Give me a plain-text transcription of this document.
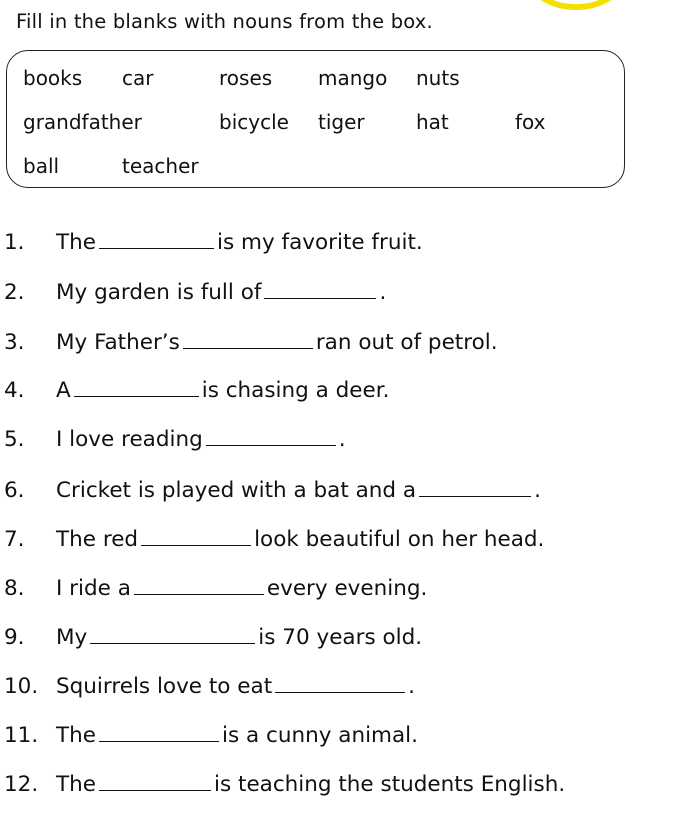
Fill in the blanks with nouns from the box.
books car	roses mango nuts
grandfather	bicycle tiger	hat	fox
ball	teacher
1. The	is my favorite fruit.
2. My garden is full of	.
3. My Father’s	ran out of petrol.
4. A	is chasing a deer.
5. I love reading	.
6. Cricket is played with a bat and a	.
7. The red	look beautiful on her head.
8. I ride a	every evening.
9. My	is 70 years old.
10. Squirrels love to eat	.
11. The	is a cunny animal.
12. The	is teaching the students English.
